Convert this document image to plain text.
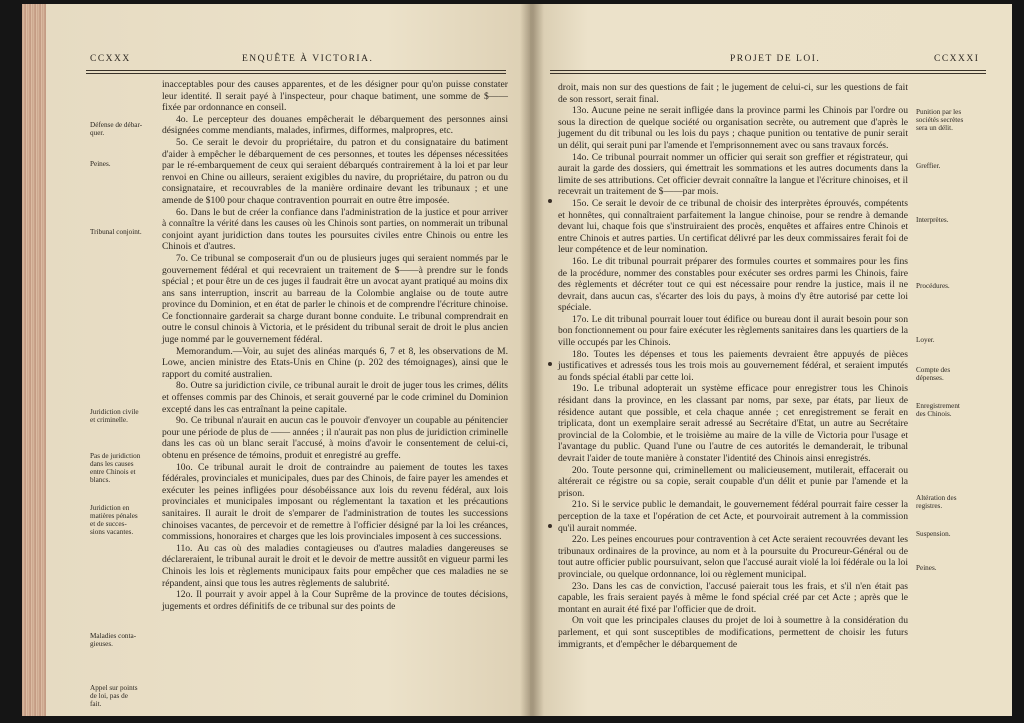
CCXXX	ENQUÊTE À VICTORIA.
Défense de débar-
quer.
Peines.
Tribunal conjoint.
Juridiction civile
et criminelle.
Pas de juridiction
dans les causes
entre Chinois et
blancs.
Juridiction en
matières pénales
et de succes-
sions vacantes.
Maladies conta-
gieuses.
Appel sur points
de loi, pas de
fait.

inacceptables pour des causes apparentes, et de les désigner pour qu'on puisse constater leur identité. Il serait payé à l'inspecteur, pour chaque batiment, une somme de $——fixée par ordonnance en conseil.

4o. Le percepteur des douanes empêcherait le débarquement des personnes ainsi désignées comme mendiants, malades, infirmes, difformes, malpropres, etc.

5o. Ce serait le devoir du propriétaire, du patron et du consignataire du batiment d'aider à empêcher le débarquement de ces personnes, et toutes les dépenses nécessitées par le ré-embarquement de ceux qui seraient débarqués contrairement à la loi et par leur renvoi en Chine ou ailleurs, seraient exigibles du navire, du propriétaire, du patron ou du consignataire, et recouvrables de la manière ordinaire devant les tribunaux ; et une amende de $100 pour chaque contravention pourrait en outre être imposée.

6o. Dans le but de créer la confiance dans l'administration de la justice et pour arriver à connaître la vérité dans les causes où les Chinois sont parties, on nommerait un tribunal conjoint ayant juridiction dans toutes les poursuites civiles entre Chinois ou entre les Chinois et d'autres.

7o. Ce tribunal se composerait d'un ou de plusieurs juges qui seraient nommés par le gouvernement fédéral et qui recevraient un traitement de $——à prendre sur le fonds spécial ; et pour être un de ces juges il faudrait être un avocat ayant pratiqué au moins dix ans sans interruption, inscrit au barreau de la Colombie anglaise ou de toute autre province du Dominion, et en état de parler le chinois et de comprendre l'écriture chinoise. Ce fonctionnaire garderait sa charge durant bonne conduite. Le tribunal comprendrait en outre le consul chinois à Victoria, et le président du tribunal serait de droit le plus ancien juge nommé par le gouvernement fédéral.

Memorandum.—Voir, au sujet des alinéas marqués 6, 7 et 8, les observations de M. Lowe, ancien ministre des Etats-Unis en Chine (p. 202 des témoignages), ainsi que le rapport du comité australien.

8o. Outre sa juridiction civile, ce tribunal aurait le droit de juger tous les crimes, délits et offenses commis par des Chinois, et serait gouverné par le code criminel du Dominion excepté dans les cas entraînant la peine capitale.

9o. Ce tribunal n'aurait en aucun cas le pouvoir d'envoyer un coupable au pénitencier pour une période de plus de —— années ; il n'aurait pas non plus de juridiction criminelle dans les cas où un blanc serait l'accusé, à moins d'avoir le consentement de celui-ci, obtenu en présence de témoins, produit et enregistré au greffe.

10o. Ce tribunal aurait le droit de contraindre au paiement de toutes les taxes fédérales, provinciales et municipales, dues par des Chinois, de faire payer les amendes et exécuter les peines infligées pour désobéissance aux lois du revenu fédéral, aux lois provinciales et municipales imposant ou réglementant la taxation et les précautions sanitaires. Il aurait le droit de s'emparer de l'administration de toutes les successions chinoises vacantes, de percevoir et de remettre à l'officier désigné par la loi les créances, commissions, honoraires et charges que les lois provinciales imposent à ces successions.

11o. Au cas où des maladies contagieuses ou d'autres maladies dangereuses se déclareraient, le tribunal aurait le droit et le devoir de mettre aussitôt en vigueur parmi les Chinois les lois et règlements municipaux faits pour empêcher que ces maladies ne se répandent, ainsi que tous les autres règlements de salubrité.

12o. Il pourrait y avoir appel à la Cour Suprême de la province de toutes décisions, jugements et ordres définitifs de ce tribunal sur des points de

PROJET DE LOI.	CCXXXI

droit, mais non sur des questions de fait ; le jugement de celui-ci, sur les questions de fait de son ressort, serait final.

13o. Aucune peine ne serait infligée dans la province parmi les Chinois par l'ordre ou sous la direction de quelque société ou organisation secrète, ou autrement que d'après le jugement du dit tribunal ou les lois du pays ; chaque punition ou tentative de punir serait un délit, qui serait puni par l'amende et l'emprisonnement avec ou sans travaux forcés.

14o. Ce tribunal pourrait nommer un officier qui serait son greffier et régistrateur, qui aurait la garde des dossiers, qui émettrait les sommations et les autres documents dans la limite de ses attributions. Cet officier devrait connaître la langue et l'écriture chinoises, et il recevrait un traitement de $——par mois.

15o. Ce serait le devoir de ce tribunal de choisir des interprètes éprouvés, compétents et honnêtes, qui connaîtraient parfaitement la langue chinoise, pour se rendre à demande devant lui, chaque fois que s'instruiraient des procès, enquêtes et affaires entre Chinois et entre Chinois et autres parties. Un certificat délivré par les deux commissaires ferait foi de leur compétence et de leur nomination.

16o. Le dit tribunal pourrait préparer des formules courtes et sommaires pour les fins de la procédure, nommer des constables pour exécuter ses ordres parmi les Chinois, faire des règlements et décréter tout ce qui est nécessaire pour rendre la justice, mais il ne devrait, dans aucun cas, s'écarter des lois du pays, à moins d'y être autorisé par cette loi spéciale.

17o. Le dit tribunal pourrait louer tout édifice ou bureau dont il aurait besoin pour son bon fonctionnement ou pour faire exécuter les règlements sanitaires dans les quartiers de la ville occupés par les Chinois.

18o. Toutes les dépenses et tous les paiements devraient être appuyés de pièces justificatives et adressés tous les trois mois au gouvernement fédéral, et seraient imputés au fonds spécial établi par cette loi.

19o. Le tribunal adopterait un système efficace pour enregistrer tous les Chinois résidant dans la province, en les classant par noms, par sexe, par états, par lieux de résidence autant que possible, et cela chaque année ; cet enregistrement se ferait en triplicata, dont un exemplaire serait adressé au Secrétaire d'Etat, un autre au Secrétaire provincial de la Colombie, et le troisième au maire de la ville de Victoria pour l'usage et l'avantage du public. Quand l'une ou l'autre de ces autorités le demanderait, le tribunal devrait l'aider de toute manière à constater l'identité des Chinois ainsi enregistrés.

20o. Toute personne qui, criminellement ou malicieusement, mutilerait, effacerait ou altérerait ce régistre ou sa copie, serait coupable d'un délit et punie par l'amende et la prison.

21o. Si le service public le demandait, le gouvernement fédéral pourrait faire cesser la perception de la taxe et l'opération de cet Acte, et pourvoirait autrement à la commission qu'il aurait nommée.

22o. Les peines encourues pour contravention à cet Acte seraient recouvrées devant les tribunaux ordinaires de la province, au nom et à la poursuite du Procureur-Général ou de tout autre officier public poursuivant, selon que l'accusé aurait violé la loi fédérale ou la loi provinciale, ou quelque ordonnance, loi ou règlement municipal.

23o. Dans les cas de conviction, l'accusé paierait tous les frais, et s'il n'en était pas capable, les frais seraient payés à même le fond spécial créé par cet Acte ; après que le montant en aurait été fixé par l'officier que de droit.

On voit que les principales clauses du projet de loi à soumettre à la considération du parlement, et qui sont susceptibles de modifications, permettent de choisir les futurs immigrants, et d'empêcher le débarquement de

Punition par les
sociétés secrètes
sera un délit.
Greffier.
Interprètes.
Procédures.
Loyer.
Compte des
dépenses.
Enregistrement
des Chinois.
Altération des
registres.
Suspension.
Peines.
